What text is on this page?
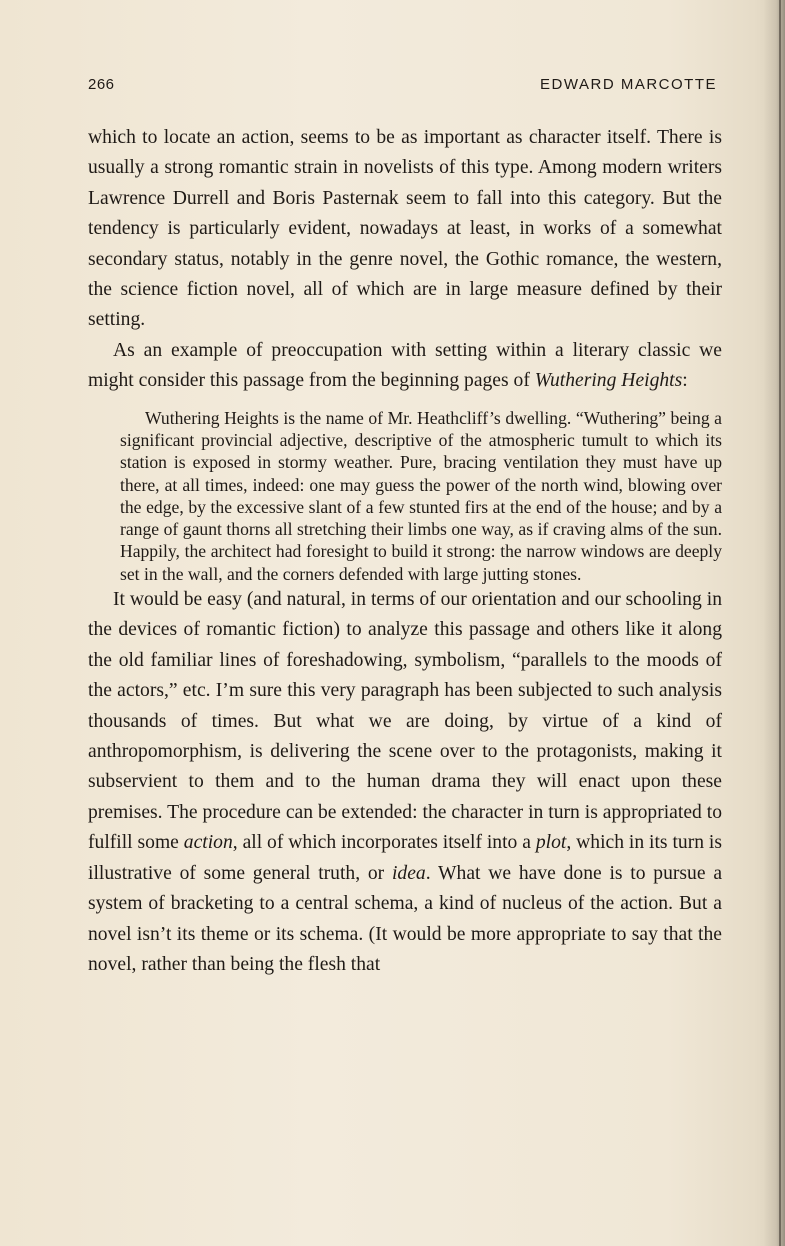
266	EDWARD MARCOTTE

which to locate an action, seems to be as important as character itself. There is usually a strong romantic strain in novelists of this type. Among modern writers Lawrence Durrell and Boris Pasternak seem to fall into this category. But the tendency is particularly evident, nowadays at least, in works of a somewhat secondary status, notably in the genre novel, the Gothic romance, the western, the science fiction novel, all of which are in large measure defined by their setting.

As an example of preoccupation with setting within a literary classic we might consider this passage from the beginning pages of Wuthering Heights:

Wuthering Heights is the name of Mr. Heathcliff’s dwelling. “Wuthering” being a significant provincial adjective, descriptive of the atmospheric tumult to which its station is exposed in stormy weather. Pure, bracing ventilation they must have up there, at all times, indeed: one may guess the power of the north wind, blowing over the edge, by the excessive slant of a few stunted firs at the end of the house; and by a range of gaunt thorns all stretching their limbs one way, as if craving alms of the sun. Happily, the architect had foresight to build it strong: the narrow windows are deeply set in the wall, and the corners defended with large jutting stones.

It would be easy (and natural, in terms of our orientation and our schooling in the devices of romantic fiction) to analyze this passage and others like it along the old familiar lines of foreshadowing, symbolism, “parallels to the moods of the actors,” etc. I’m sure this very paragraph has been subjected to such analysis thousands of times. But what we are doing, by virtue of a kind of anthropomorphism, is delivering the scene over to the protagonists, making it subservient to them and to the human drama they will enact upon these premises. The procedure can be extended: the character in turn is appropriated to fulfill some action, all of which incorporates itself into a plot, which in its turn is illustrative of some general truth, or idea. What we have done is to pursue a system of bracketing to a central schema, a kind of nucleus of the action. But a novel isn’t its theme or its schema. (It would be more appropriate to say that the novel, rather than being the flesh that
